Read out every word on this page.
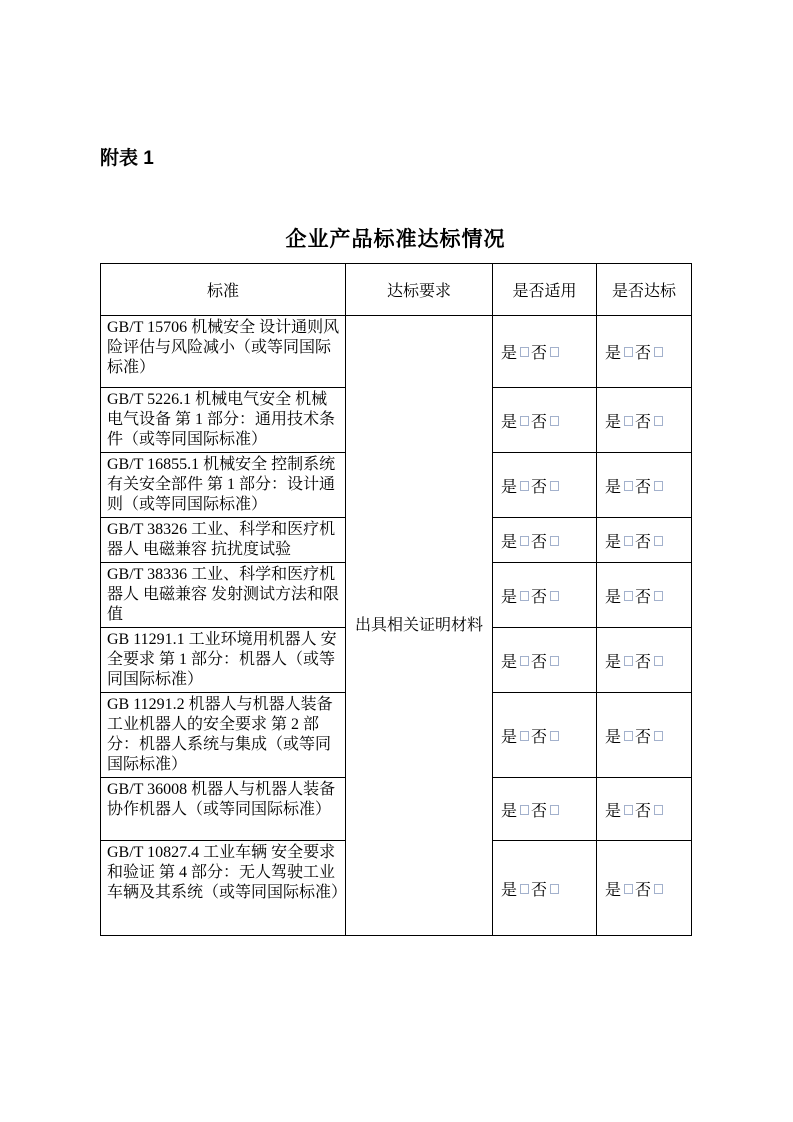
附表 1
企业产品标准达标情况
标准	达标要求	是否适用	是否达标
GB/T 15706 机械安全 设计通则风险评估与风险减小（或等同国际标准）	出具相关证明材料	是 否	是 否
GB/T 5226.1 机械电气安全 机械电气设备 第 1 部分：通用技术条件（或等同国际标准）		是 否	是 否
GB/T 16855.1 机械安全 控制系统有关安全部件 第 1 部分：设计通则（或等同国际标准）		是 否	是 否
GB/T 38326 工业、科学和医疗机器人 电磁兼容 抗扰度试验		是 否	是 否
GB/T 38336 工业、科学和医疗机器人 电磁兼容 发射测试方法和限值		是 否	是 否
GB 11291.1 工业环境用机器人 安全要求 第 1 部分：机器人（或等同国际标准）		是 否	是 否
GB 11291.2 机器人与机器人装备 工业机器人的安全要求 第 2 部分：机器人系统与集成（或等同国际标准）		是 否	是 否
GB/T 36008 机器人与机器人装备 协作机器人（或等同国际标准）		是 否	是 否
GB/T 10827.4 工业车辆 安全要求和验证 第 4 部分：无人驾驶工业车辆及其系统（或等同国际标准）		是 否	是 否
